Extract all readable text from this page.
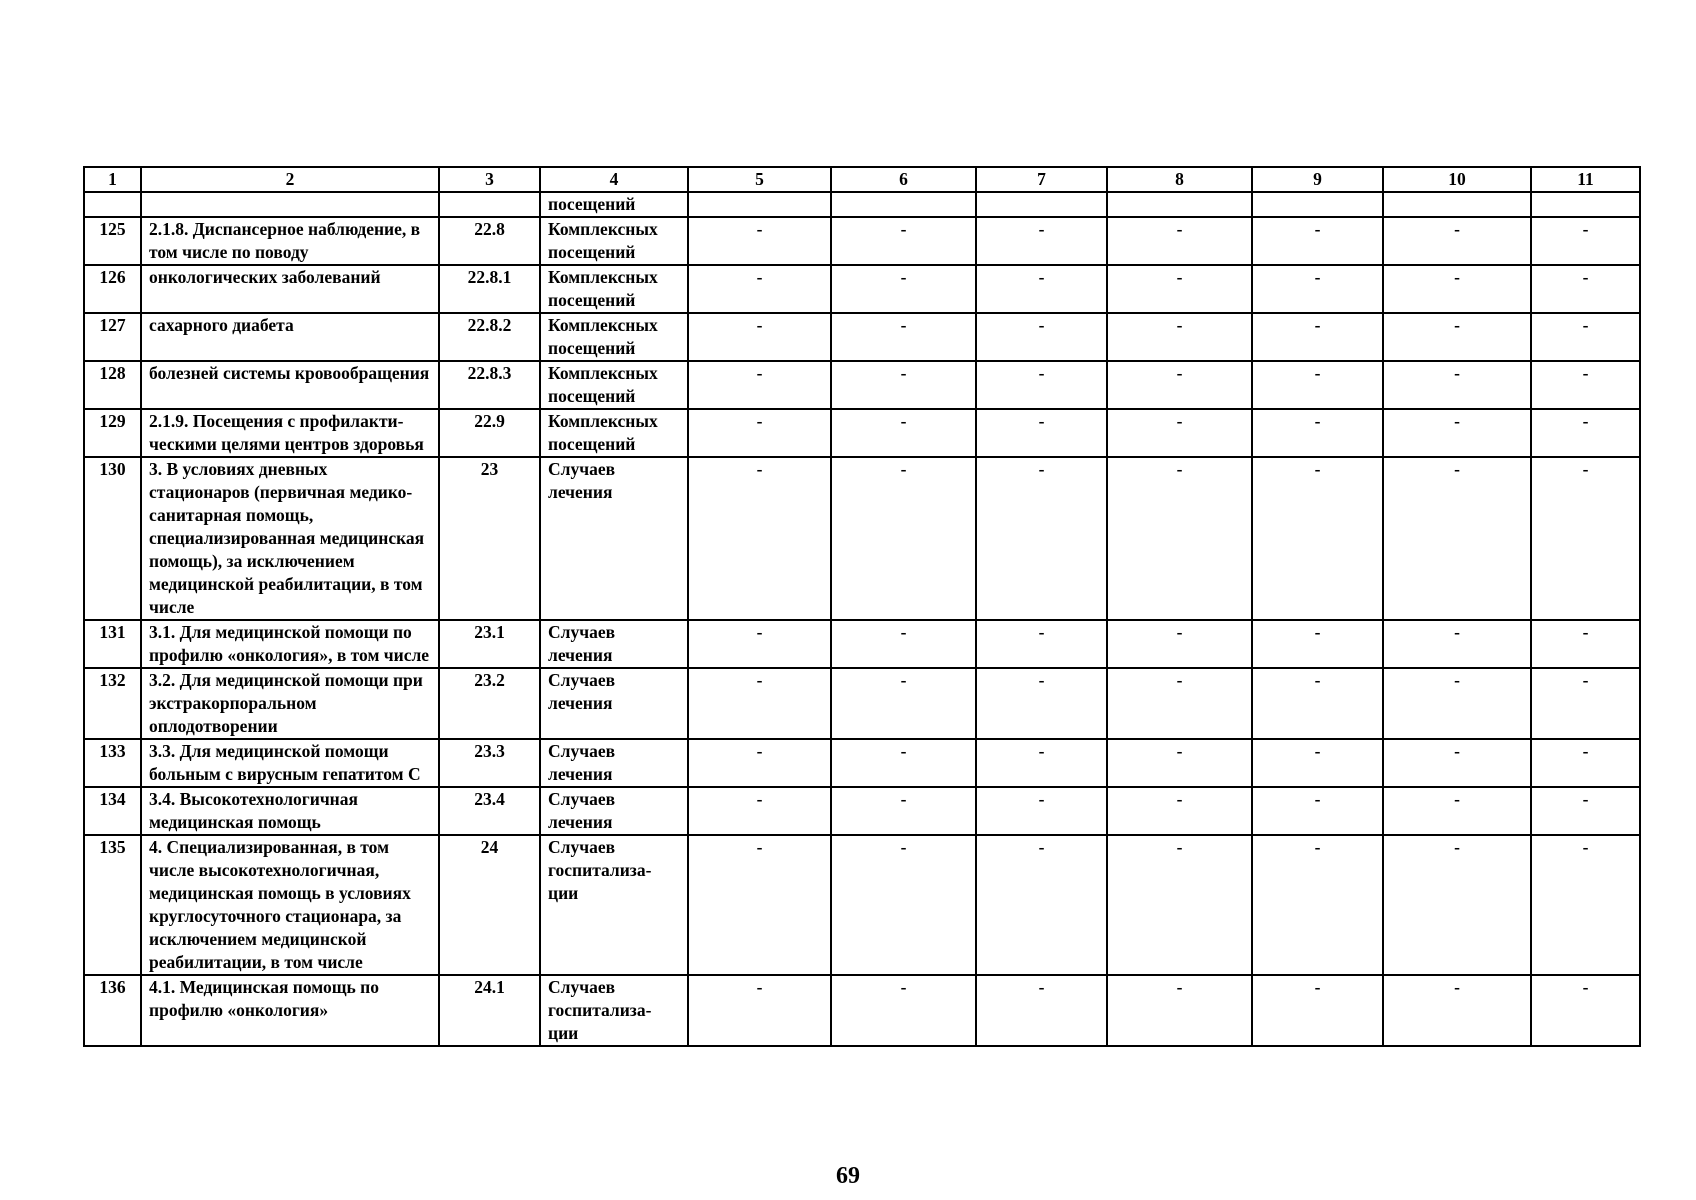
1	2	3	4	5	6	7	8	9	10	11
			посещений							
125	2.1.8. Диспансерное наблюдение, в том числе по поводу	22.8	Комплексных посещений	-	-	-	-	-	-	-
126	онкологических заболеваний	22.8.1	Комплексных посещений	-	-	-	-	-	-	-
127	сахарного диабета	22.8.2	Комплексных посещений	-	-	-	-	-	-	-
128	болезней системы кровообращения	22.8.3	Комплексных посещений	-	-	-	-	-	-	-
129	2.1.9. Посещения с профилакти-ческими целями центров здоровья	22.9	Комплексных посещений	-	-	-	-	-	-	-
130	3. В условиях дневных стационаров (первичная медико-санитарная помощь, специализированная медицинская помощь), за исключением медицинской реабилитации, в том числе	23	Случаев лечения	-	-	-	-	-	-	-
131	3.1. Для медицинской помощи по профилю «онкология», в том числе	23.1	Случаев лечения	-	-	-	-	-	-	-
132	3.2. Для медицинской помощи при экстракорпоральном оплодотворении	23.2	Случаев лечения	-	-	-	-	-	-	-
133	3.3. Для медицинской помощи больным с вирусным гепатитом С	23.3	Случаев лечения	-	-	-	-	-	-	-
134	3.4. Высокотехнологичная медицинская помощь	23.4	Случаев лечения	-	-	-	-	-	-	-
135	4. Специализированная, в том числе высокотехнологичная, медицинская помощь в условиях круглосуточного стационара, за исключением медицинской реабилитации, в том числе	24	Случаев госпитализа-ции	-	-	-	-	-	-	-
136	4.1. Медицинская помощь по профилю «онкология»	24.1	Случаев госпитализа-ции	-	-	-	-	-	-	-
69
